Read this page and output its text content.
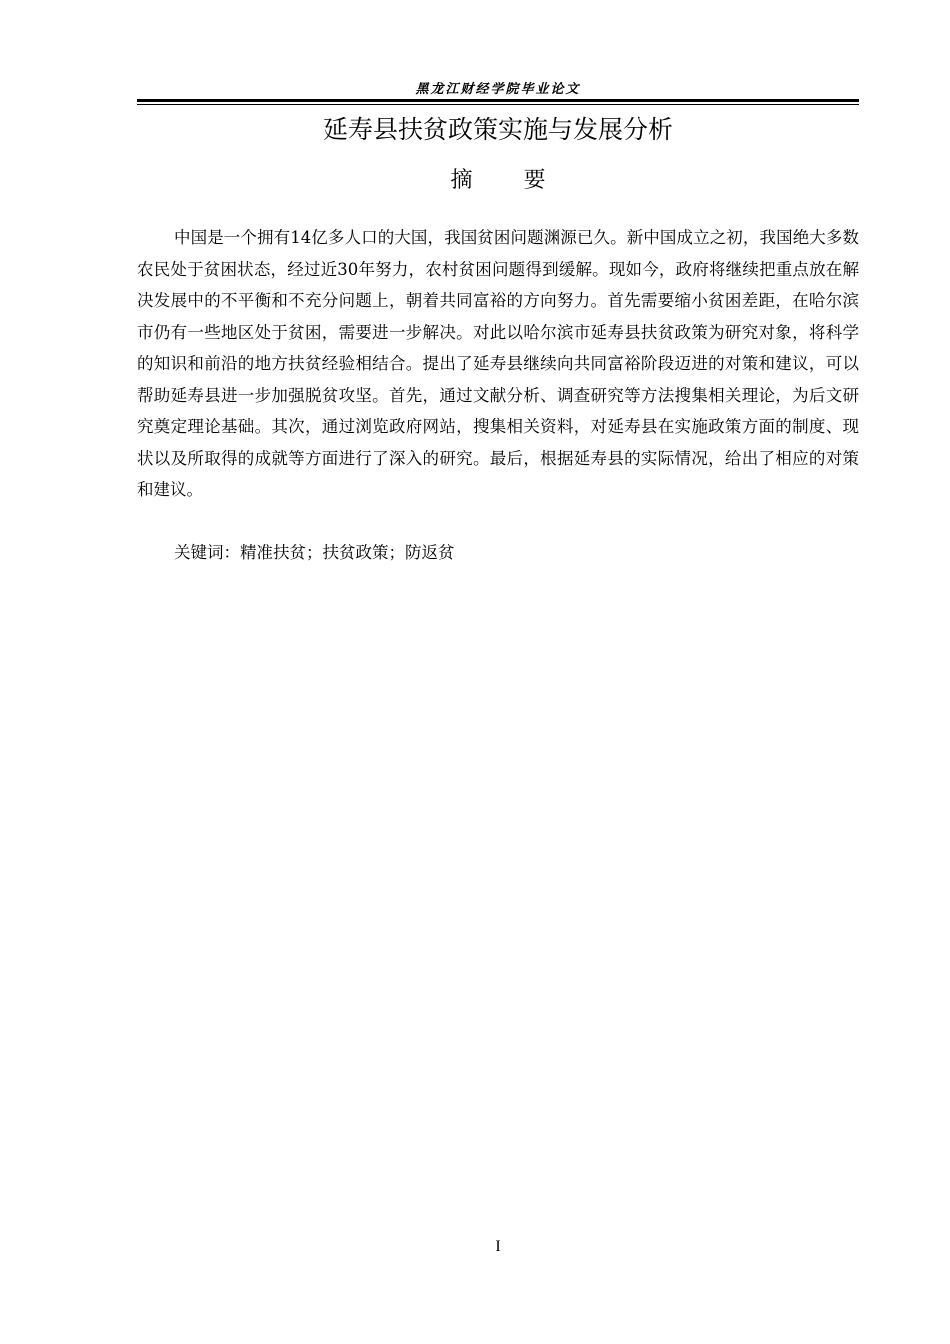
黑龙江财经学院毕业论文
延寿县扶贫政策实施与发展分析
摘 要

中国是一个拥有14亿多人口的大国，我国贫困问题渊源已久。新中国成立之初，我国绝大多数农民处于贫困状态，经过近30年努力，农村贫困问题得到缓解。现如今，政府将继续把重点放在解决发展中的不平衡和不充分问题上，朝着共同富裕的方向努力。首先需要缩小贫困差距，在哈尔滨市仍有一些地区处于贫困，需要进一步解决。对此以哈尔滨市延寿县扶贫政策为研究对象，将科学的知识和前沿的地方扶贫经验相结合。提出了延寿县继续向共同富裕阶段迈进的对策和建议，可以帮助延寿县进一步加强脱贫攻坚。首先，通过文献分析、调查研究等方法搜集相关理论，为后文研究奠定理论基础。其次，通过浏览政府网站，搜集相关资料，对延寿县在实施政策方面的制度、现状以及所取得的成就等方面进行了深入的研究。最后，根据延寿县的实际情况，给出了相应的对策和建议。

关键词：精准扶贫；扶贫政策；防返贫
I
